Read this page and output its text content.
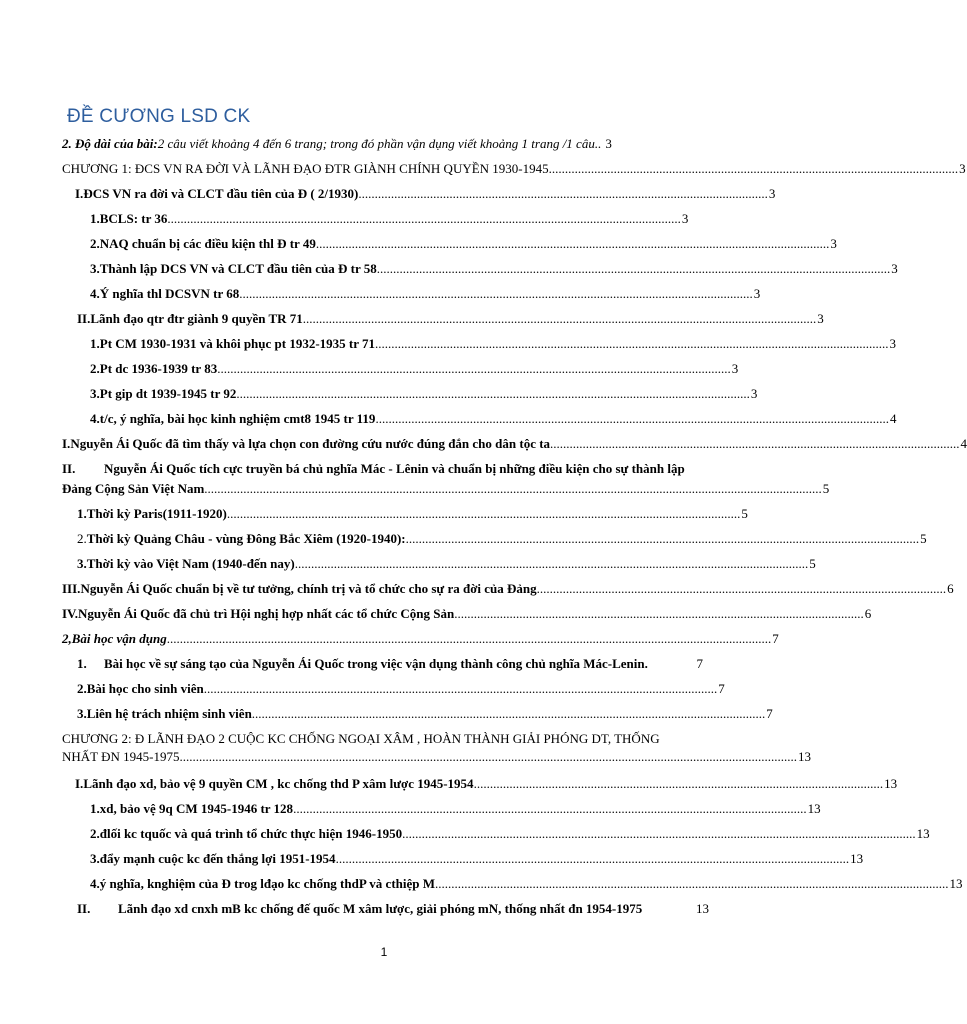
ĐỀ CƯƠNG LSD CK
2. Độ dài của bài: 2 câu viết khoảng 4 đến 6 trang; trong đó phần vận dụng viết khoảng 1 trang /1 câu.. 3
CHƯƠNG 1: ĐCS VN RA ĐỜI VÀ LÃNH ĐẠO ĐTR GIÀNH CHÍNH QUYỀN 1930-1945 .............................................................................................................................. 3
I. ĐCS VN ra đời và CLCT đầu tiên của Đ ( 2/1930) .............................................................................................................................. 3
1. BCLS: tr 36 .............................................................................................................................................................. 3
2. NAQ chuẩn bị các điều kiện thl Đ tr 49 .............................................................................................................................................................. 3
3. Thành lập DCS VN và CLCT đầu tiên của Đ tr 58 .............................................................................................................................................................. 3
4. Ý nghĩa thl DCSVN tr 68 .............................................................................................................................................................. 3
II. Lãnh đạo qtr đtr giành 9 quyền TR 71 .............................................................................................................................................................. 3
1. Pt CM 1930-1931 và khôi phục pt 1932-1935 tr 71 .............................................................................................................................................................. 3
2. Pt dc 1936-1939 tr 83 .............................................................................................................................................................. 3
3. Pt gip dt 1939-1945 tr 92 .............................................................................................................................................................. 3
4. t/c, ý nghĩa, bài học kinh nghiệm cmt8 1945 tr 119 .............................................................................................................................................................. 4
I. Nguyễn Ái Quốc đã tìm thấy và lựa chọn con đường cứu nước đúng đắn cho dân tộc ta .............................................................................................................................. 4
II.	Nguyễn Ái Quốc tích cực truyền bá chủ nghĩa Mác - Lênin và chuẩn bị những điều kiện cho sự thành lập
Đảng Cộng Sản Việt Nam .............................................................................................................................................................................................. 5
1. Thời kỳ Paris(1911-1920) .............................................................................................................................................................. 5
2. Thời kỳ Quảng Châu - vùng Đông Bắc Xiêm (1920-1940): .............................................................................................................................................................. 5
3. Thời kỳ vào Việt Nam (1940-đến nay) .............................................................................................................................................................. 5
III. Nguyễn Ái Quốc chuẩn bị về tư tưởng, chính trị và tổ chức cho sự ra đời của Đảng .............................................................................................................................. 6
IV. Nguyễn Ái Quốc đã chủ trì Hội nghị hợp nhất các tổ chức Cộng Sản .............................................................................................................................. 6
2,Bài học vận dụng .......................................................................................................................................................................................... 7
1.	Bài học về sự sáng tạo của Nguyễn Ái Quốc trong việc vận dụng thành công chủ nghĩa Mác-Lenin.	7
2. Bài học cho sinh viên .............................................................................................................................................................. 7
3. Liên hệ trách nhiệm sinh viên .............................................................................................................................................................. 7
CHƯƠNG 2: Đ LÃNH ĐẠO 2 CUỘC KC CHỐNG NGOẠI XÂM , HOÀN THÀNH GIẢI PHÓNG DT, THỐNG
NHẤT ĐN 1945-1975 .............................................................................................................................................................................................. 13
I. Lãnh đạo xd, bảo vệ 9 quyền CM , kc chống thd P xâm lược 1945-1954 .............................................................................................................................. 13
1. xd, bảo vệ 9q CM 1945-1946 tr 128 .............................................................................................................................................................. 13
2. đlối kc tquốc và quá trình tổ chức thực hiện 1946-1950 .............................................................................................................................................................. 13
3. đẩy mạnh cuộc kc đến thắng lợi 1951-1954 .............................................................................................................................................................. 13
4. ý nghĩa, knghiệm của Đ trog lđạo kc chống thdP và cthiệp M .............................................................................................................................................................. 13
II.	Lãnh đạo xd cnxh mB kc chống đế quốc M xâm lược, giải phóng mN, thống nhất đn 1954-1975	13
1
